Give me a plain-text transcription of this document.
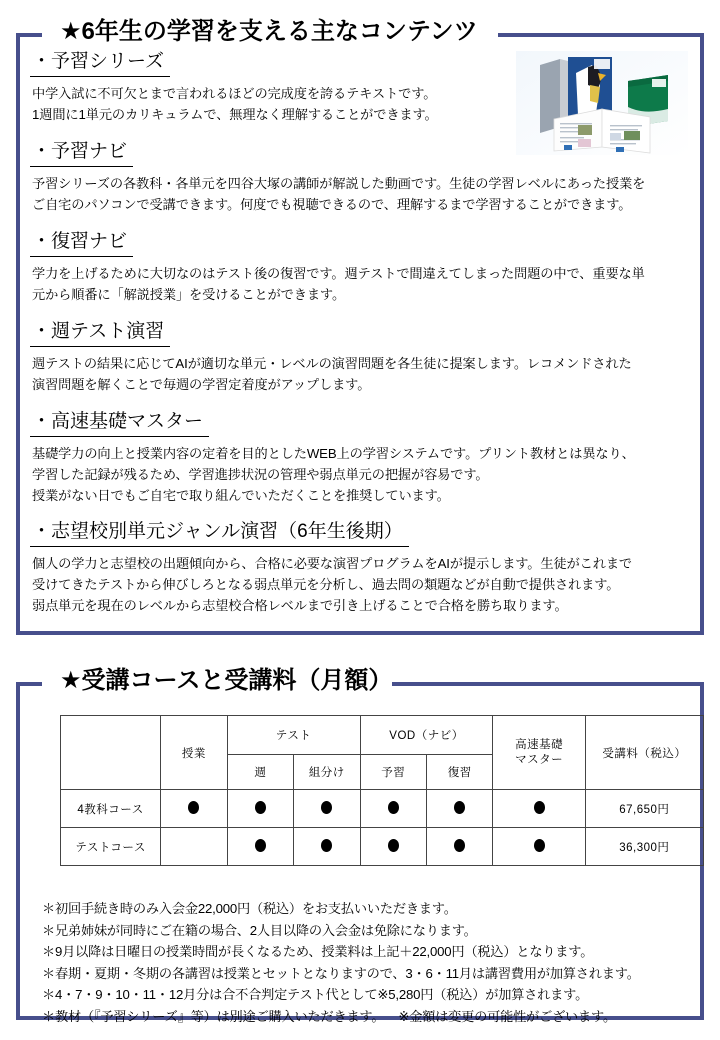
★6年生の学習を支える主なコンテンツ
・予習シリーズ
中学入試に不可欠とまで言われるほどの完成度を誇るテキストです。
1週間に1単元のカリキュラムで、無理なく理解することができます。
・予習ナビ
予習シリーズの各教科・各単元を四谷大塚の講師が解説した動画です。生徒の学習レベルにあった授業を
ご自宅のパソコンで受講できます。何度でも視聴できるので、理解するまで学習することができます。
・復習ナビ
学力を上げるために大切なのはテスト後の復習です。週テストで間違えてしまった問題の中で、重要な単
元から順番に「解説授業」を受けることができます。
・週テスト演習
週テストの結果に応じてAIが適切な単元・レベルの演習問題を各生徒に提案します。レコメンドされた
演習問題を解くことで毎週の学習定着度がアップします。
・高速基礎マスター
基礎学力の向上と授業内容の定着を目的としたWEB上の学習システムです。プリント教材とは異なり、
学習した記録が残るため、学習進捗状況の管理や弱点単元の把握が容易です。
授業がない日でもご自宅で取り組んでいただくことを推奨しています。
・志望校別単元ジャンル演習（6年生後期）
個人の学力と志望校の出題傾向から、合格に必要な演習プログラムをAIが提示します。生徒がこれまで
受けてきたテストから伸びしろとなる弱点単元を分析し、過去問の類題などが自動で提供されます。
弱点単元を現在のレベルから志望校合格レベルまで引き上げることで合格を勝ち取ります。
★受講コースと受講料（月額）
	授業	テスト		VOD（ナビ）		高速基礎
マスター	受講料（税込）
		週	組分け	予習	復習		
4教科コース							67,650円
テストコース							36,300円
＊初回手続き時のみ入会金22,000円（税込）をお支払いいただきます。
＊兄弟姉妹が同時にご在籍の場合、2人目以降の入会金は免除になります。
＊9月以降は日曜日の授業時間が長くなるため、授業料は上記＋22,000円（税込）となります。
＊春期・夏期・冬期の各講習は授業とセットとなりますので、3・6・11月は講習費用が加算されます。
＊4・7・9・10・11・12月分は合不合判定テスト代として※5,280円（税込）が加算されます。
＊教材（『予習シリーズ』等）は別途ご購入いただきます。 ※金額は変更の可能性がございます。
